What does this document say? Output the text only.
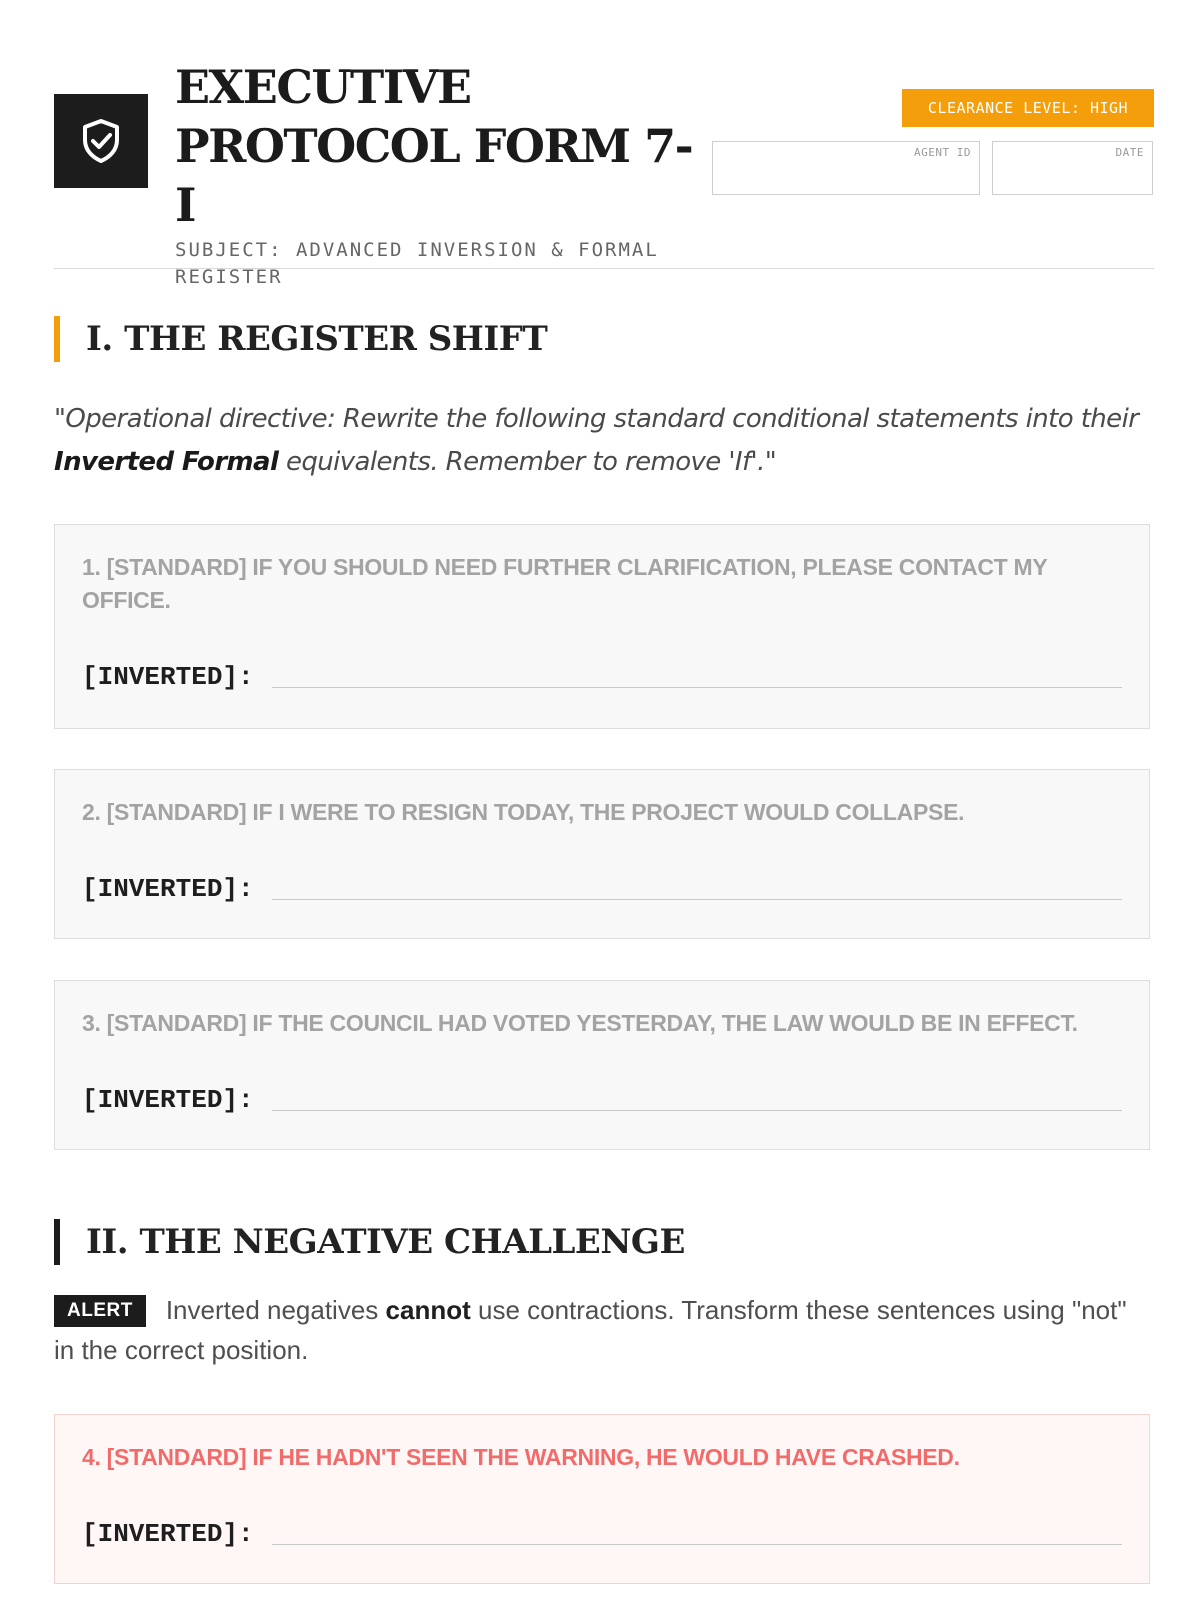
EXECUTIVE
PROTOCOL FORM 7-I
SUBJECT: ADVANCED INVERSION & FORMAL REGISTER
CLEARANCE LEVEL: HIGH
AGENT ID	DATE
I. THE REGISTER SHIFT
"Operational directive: Rewrite the following standard conditional statements into their Inverted Formal equivalents. Remember to remove 'If'."
1. [STANDARD] IF YOU SHOULD NEED FURTHER CLARIFICATION, PLEASE CONTACT MY OFFICE.
[INVERTED]:
2. [STANDARD] IF I WERE TO RESIGN TODAY, THE PROJECT WOULD COLLAPSE.
[INVERTED]:
3. [STANDARD] IF THE COUNCIL HAD VOTED YESTERDAY, THE LAW WOULD BE IN EFFECT.
[INVERTED]:
II. THE NEGATIVE CHALLENGE
ALERT Inverted negatives cannot use contractions. Transform these sentences using "not" in the correct position.
4. [STANDARD] IF HE HADN'T SEEN THE WARNING, HE WOULD HAVE CRASHED.
[INVERTED]:
